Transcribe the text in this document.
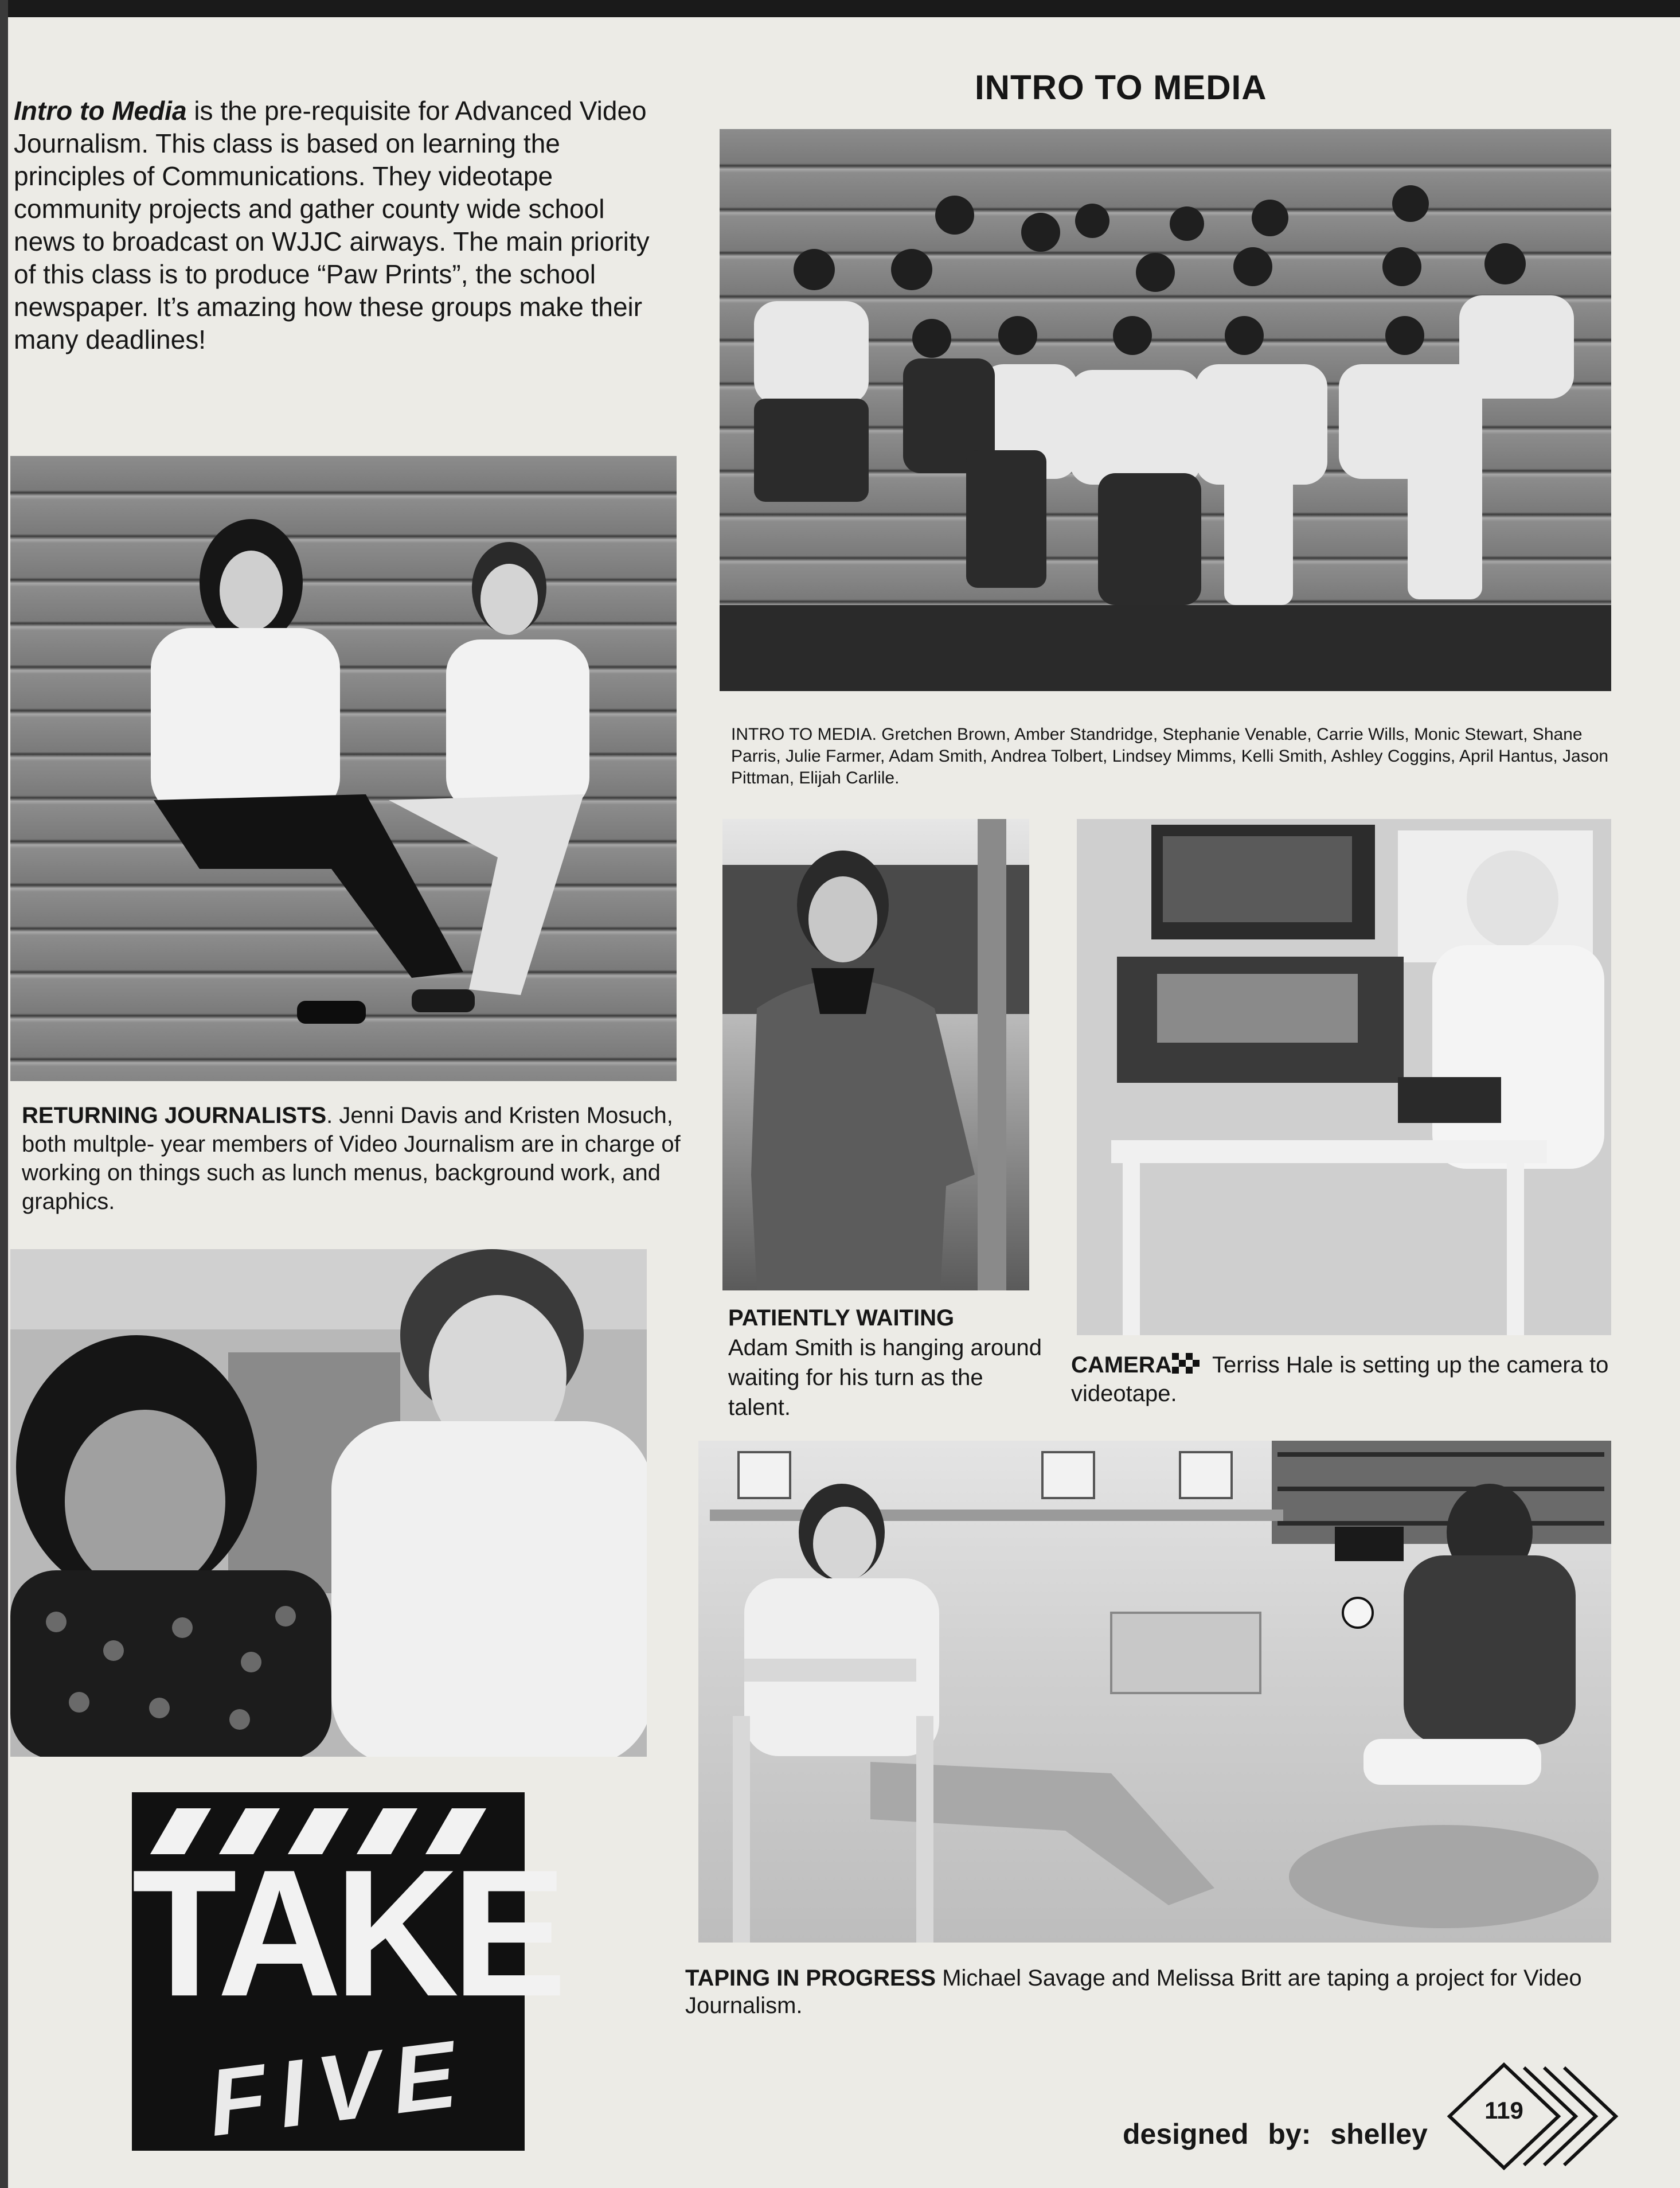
INTRO TO MEDIA
Intro to Media is the pre-requisite for Advanced Video Journalism. This class is based on learning the principles of Communications. They videotape community projects and gather county wide school news to broadcast on WJJC airways. The main priority of this class is to produce “Paw Prints”, the school newspaper. It’s amazing how these groups make their many deadlines!
INTRO TO MEDIA. Gretchen Brown, Amber Standridge, Stephanie Venable, Carrie Wills, Monic Stewart, Shane Parris, Julie Farmer, Adam Smith, Andrea Tolbert, Lindsey Mimms, Kelli Smith, Ashley Coggins, April Hantus, Jason Pittman, Elijah Carlile.
RETURNING JOURNALISTS. Jenni Davis and Kristen Mosuch, both multple- year members of Video Journalism are in charge of working on things such as lunch menus, background work, and graphics.
PATIENTLY WAITING
Adam Smith is hanging around waiting for his turn as the talent.
CAMERA Terriss Hale is setting up the camera to videotape.
TAPING IN PROGRESS Michael Savage and Melissa Britt are taping a project for Video Journalism.
TAKE
FIVE	119
designed by: shelley
